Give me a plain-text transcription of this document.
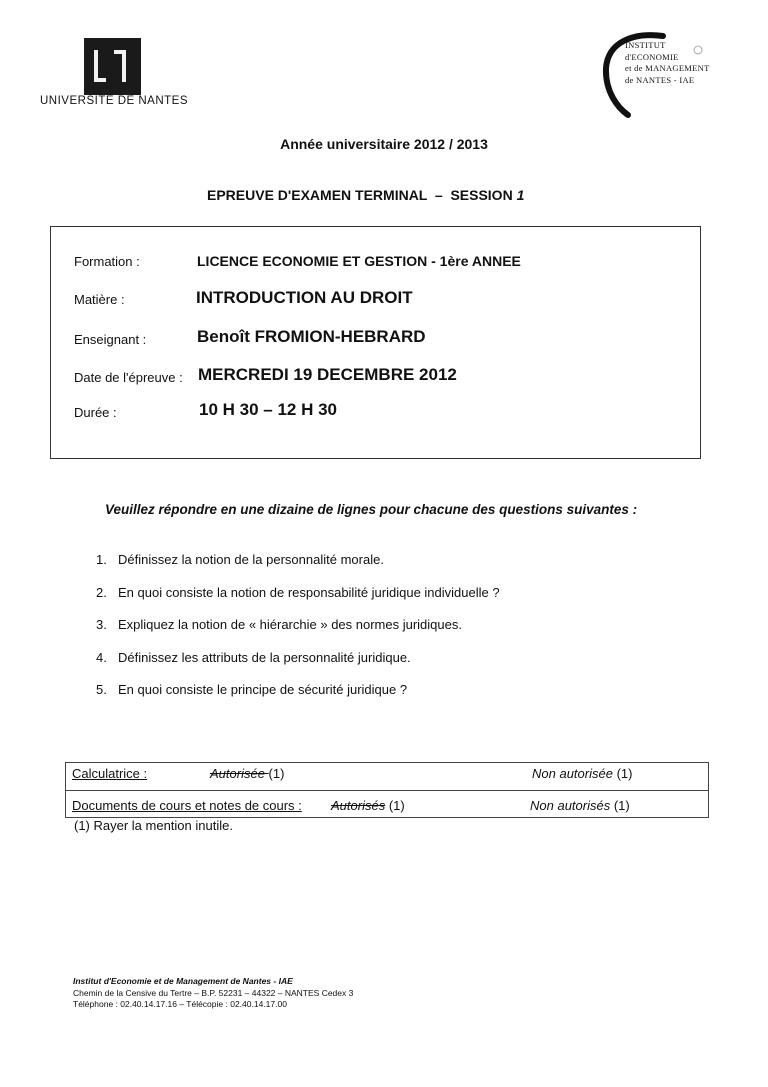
UNIVERSITÉ DE NANTES
INSTITUT
d'ECONOMIE
et de MANAGEMENT
de NANTES - IAE
Année universitaire 2012 / 2013
EPREUVE D'EXAMEN TERMINAL  –  SESSION 1
Formation :	LICENCE ECONOMIE ET GESTION - 1ère ANNEE
Matière :	INTRODUCTION AU DROIT
Enseignant :	Benoît FROMION-HEBRARD
Date de l'épreuve : MERCREDI 19 DECEMBRE 2012
Durée :	10 H 30 – 12 H 30
Veuillez répondre en une dizaine de lignes pour chacune des questions suivantes :
1. Définissez la notion de la personnalité morale.
2. En quoi consiste la notion de responsabilité juridique individuelle ?
3. Expliquez la notion de « hiérarchie » des normes juridiques.
4. Définissez les attributs de la personnalité juridique.
5. En quoi consiste le principe de sécurité juridique ?
Calculatrice :	Autorisée (1)	Non autorisée (1)
Documents de cours et notes de cours : Autorisés (1)	Non autorisés (1)
(1) Rayer la mention inutile.
Institut d'Economie et de Management de Nantes - IAE
Chemin de la Censive du Tertre – B.P. 52231 – 44322 – NANTES Cedex 3
Téléphone : 02.40.14.17.16 – Télécopie : 02.40.14.17.00
